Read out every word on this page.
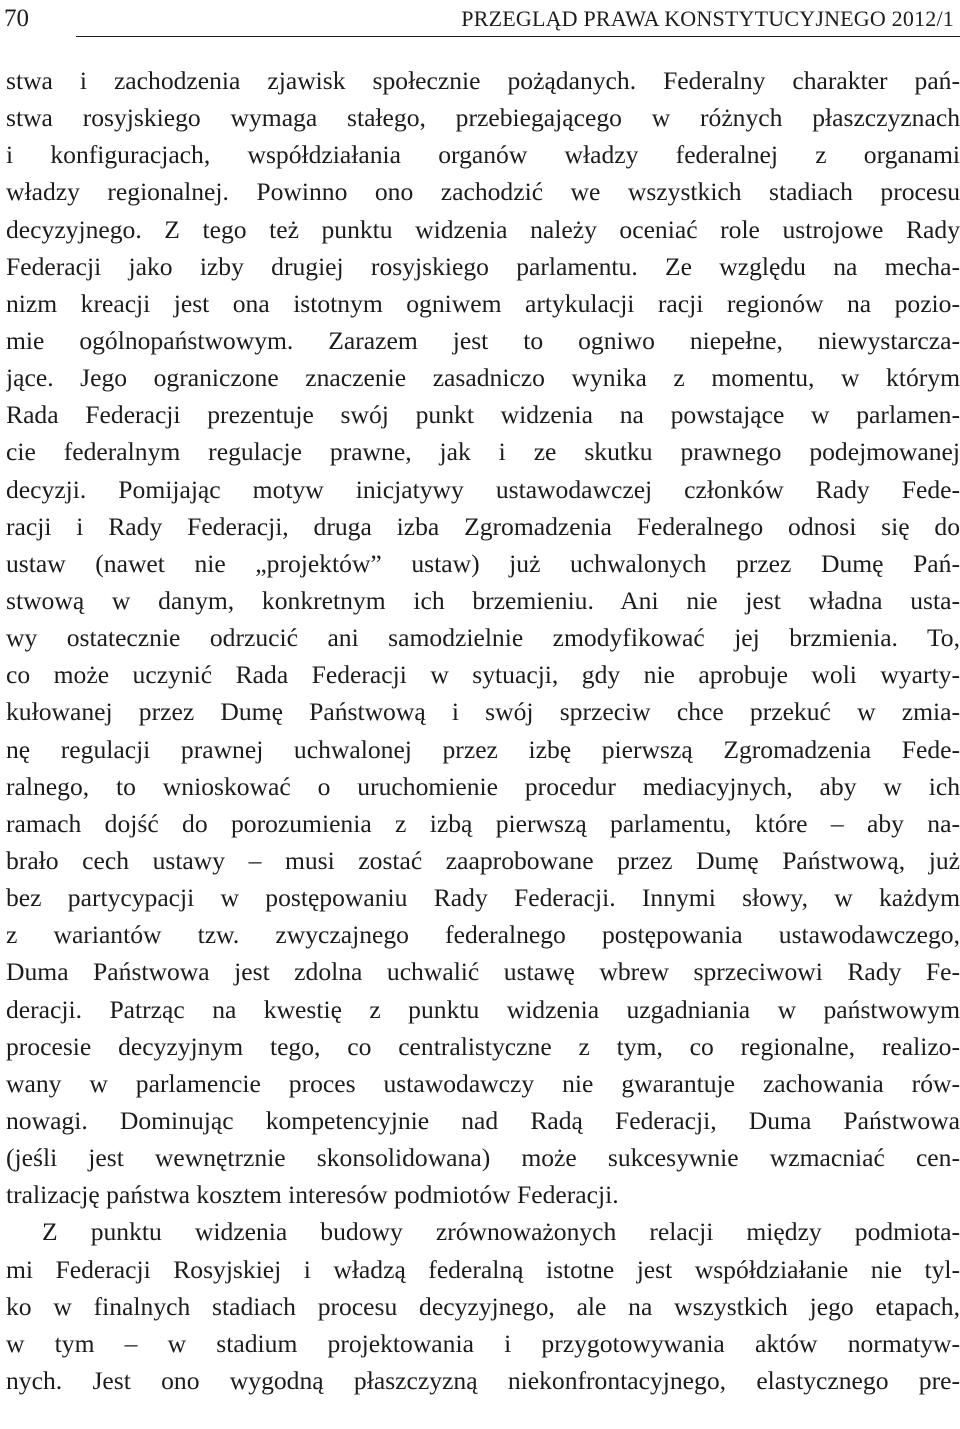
70	PRZEGLĄD PRAWA KONSTYTUCYJNEGO 2012/1
stwa i zachodzenia zjawisk społecznie pożądanych. Federalny charakter pań-
stwa rosyjskiego wymaga stałego, przebiegającego w różnych płaszczyznach
i konfiguracjach, współdziałania organów władzy federalnej z organami
władzy regionalnej. Powinno ono zachodzić we wszystkich stadiach procesu
decyzyjnego. Z tego też punktu widzenia należy oceniać role ustrojowe Rady
Federacji jako izby drugiej rosyjskiego parlamentu. Ze względu na mecha-
nizm kreacji jest ona istotnym ogniwem artykulacji racji regionów na pozio-
mie ogólnopaństwowym. Zarazem jest to ogniwo niepełne, niewystarcza-
jące. Jego ograniczone znaczenie zasadniczo wynika z momentu, w którym
Rada Federacji prezentuje swój punkt widzenia na powstające w parlamen-
cie federalnym regulacje prawne, jak i ze skutku prawnego podejmowanej
decyzji. Pomijając motyw inicjatywy ustawodawczej członków Rady Fede-
racji i Rady Federacji, druga izba Zgromadzenia Federalnego odnosi się do
ustaw (nawet nie „projektów” ustaw) już uchwalonych przez Dumę Pań-
stwową w danym, konkretnym ich brzemieniu. Ani nie jest władna usta-
wy ostatecznie odrzucić ani samodzielnie zmodyfikować jej brzmienia. To,
co może uczynić Rada Federacji w sytuacji, gdy nie aprobuje woli wyarty-
kułowanej przez Dumę Państwową i swój sprzeciw chce przekuć w zmia-
nę regulacji prawnej uchwalonej przez izbę pierwszą Zgromadzenia Fede-
ralnego, to wnioskować o uruchomienie procedur mediacyjnych, aby w ich
ramach dojść do porozumienia z izbą pierwszą parlamentu, które – aby na-
brało cech ustawy – musi zostać zaaprobowane przez Dumę Państwową, już
bez partycypacji w postępowaniu Rady Federacji. Innymi słowy, w każdym
z wariantów tzw. zwyczajnego federalnego postępowania ustawodawczego,
Duma Państwowa jest zdolna uchwalić ustawę wbrew sprzeciwowi Rady Fe-
deracji. Patrząc na kwestię z punktu widzenia uzgadniania w państwowym
procesie decyzyjnym tego, co centralistyczne z tym, co regionalne, realizo-
wany w parlamencie proces ustawodawczy nie gwarantuje zachowania rów-
nowagi. Dominując kompetencyjnie nad Radą Federacji, Duma Państwowa
(jeśli jest wewnętrznie skonsolidowana) może sukcesywnie wzmacniać cen-
tralizację państwa kosztem interesów podmiotów Federacji.
Z punktu widzenia budowy zrównoważonych relacji między podmiota-
mi Federacji Rosyjskiej i władzą federalną istotne jest współdziałanie nie tyl-
ko w finalnych stadiach procesu decyzyjnego, ale na wszystkich jego etapach,
w tym – w stadium projektowania i przygotowywania aktów normatyw-
nych. Jest ono wygodną płaszczyzną niekonfrontacyjnego, elastycznego pre-
